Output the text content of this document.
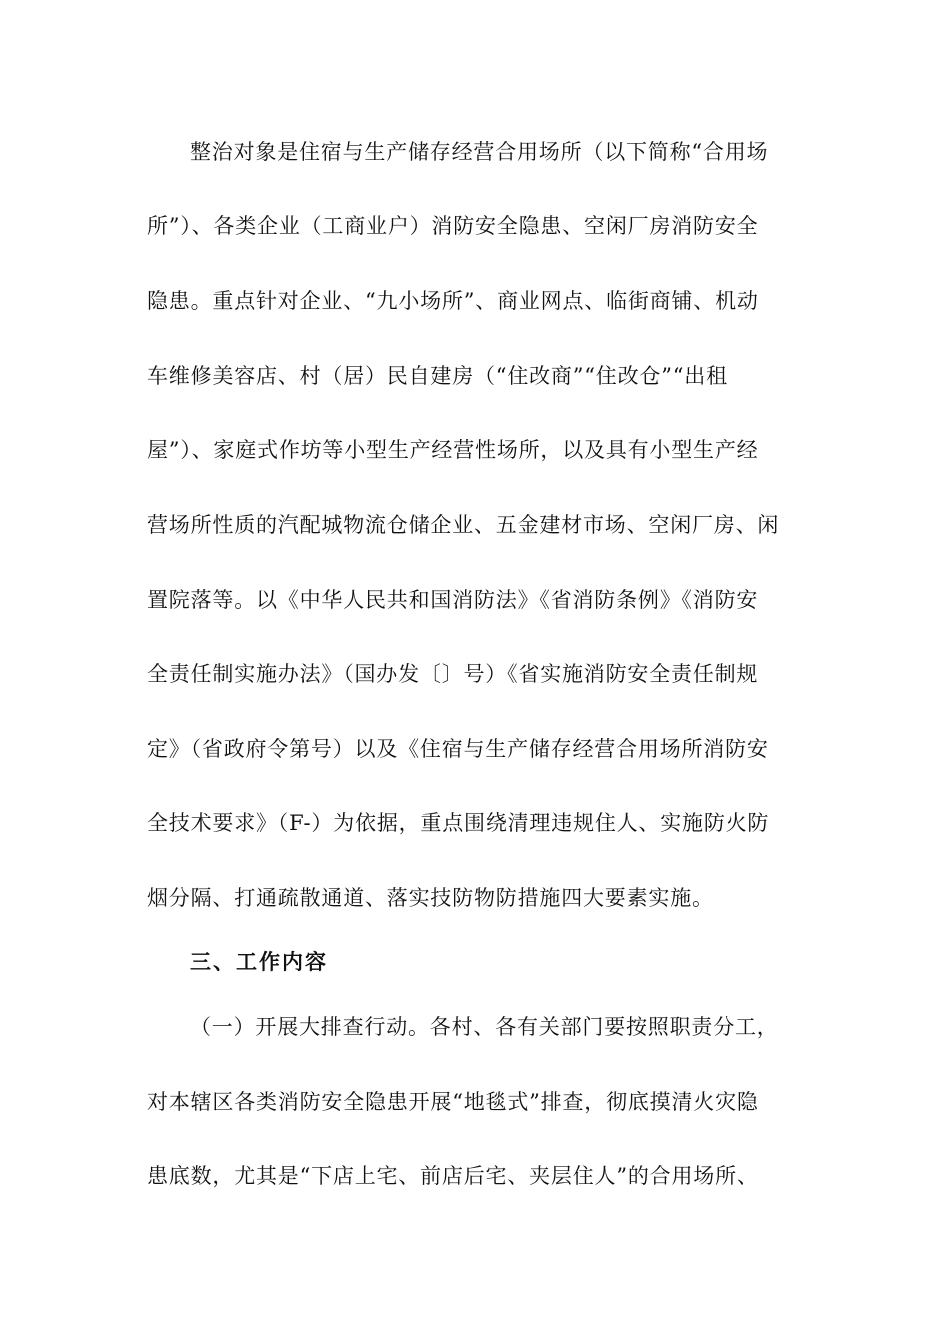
整治对象是住宿与生产储存经营合用场所（以下简称“合用场
所”）、各类企业（工商业户）消防安全隐患、空闲厂房消防安全
隐患。重点针对企业、“九小场所”、商业网点、临街商铺、机动
车维修美容店、村（居）民自建房（“住改商”“住改仓”“出租
屋”）、家庭式作坊等小型生产经营性场所，以及具有小型生产经
营场所性质的汽配城物流仓储企业、五金建材市场、空闲厂房、闲
置院落等。以《中华人民共和国消防法》《省消防条例》《消防安
全责任制实施办法》（国办发〔〕号）《省实施消防安全责任制规
定》（省政府令第号）以及《住宿与生产储存经营合用场所消防安
全技术要求》（F-）为依据，重点围绕清理违规住人、实施防火防
烟分隔、打通疏散通道、落实技防物防措施四大要素实施。
三、工作内容
（一）开展大排查行动。各村、各有关部门要按照职责分工，
对本辖区各类消防安全隐患开展“地毯式”排查，彻底摸清火灾隐
患底数，尤其是“下店上宅、前店后宅、夹层住人”的合用场所、
